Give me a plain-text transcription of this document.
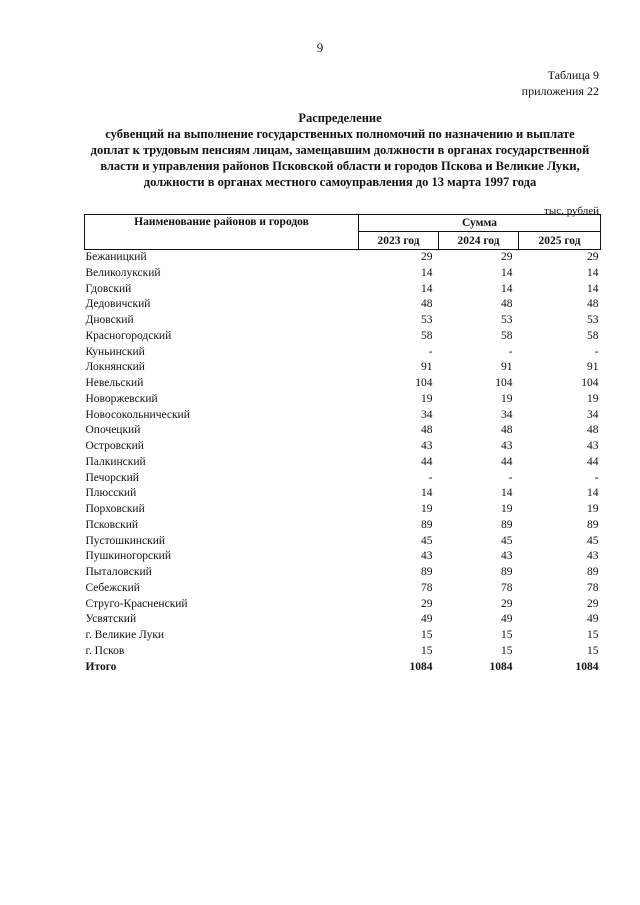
9
Таблица 9
приложения 22
Распределение
субвенций на выполнение государственных полномочий по назначению и выплате
доплат к трудовым пенсиям лицам, замещавшим должности в органах государственной
власти и управления районов Псковской области и городов Пскова и Великие Луки,
должности в органах местного самоуправления до 13 марта 1997 года
тыс. рублей
Наименование районов и городов	Сумма		
	2023 год	2024 год	2025 год
Бежаницкий	29	29	29
Великолукский	14	14	14
Гдовский	14	14	14
Дедовичский	48	48	48
Дновский	53	53	53
Красногородский	58	58	58
Куньинский	-	-	-
Локнянский	91	91	91
Невельский	104	104	104
Новоржевский	19	19	19
Новосокольнический	34	34	34
Опочецкий	48	48	48
Островский	43	43	43
Палкинский	44	44	44
Печорский	-	-	-
Плюсский	14	14	14
Порховский	19	19	19
Псковский	89	89	89
Пустошкинский	45	45	45
Пушкиногорский	43	43	43
Пыталовский	89	89	89
Себежский	78	78	78
Струго-Красненский	29	29	29
Усвятский	49	49	49
г. Великие Луки	15	15	15
г. Псков	15	15	15
Итого	1084	1084	1084
